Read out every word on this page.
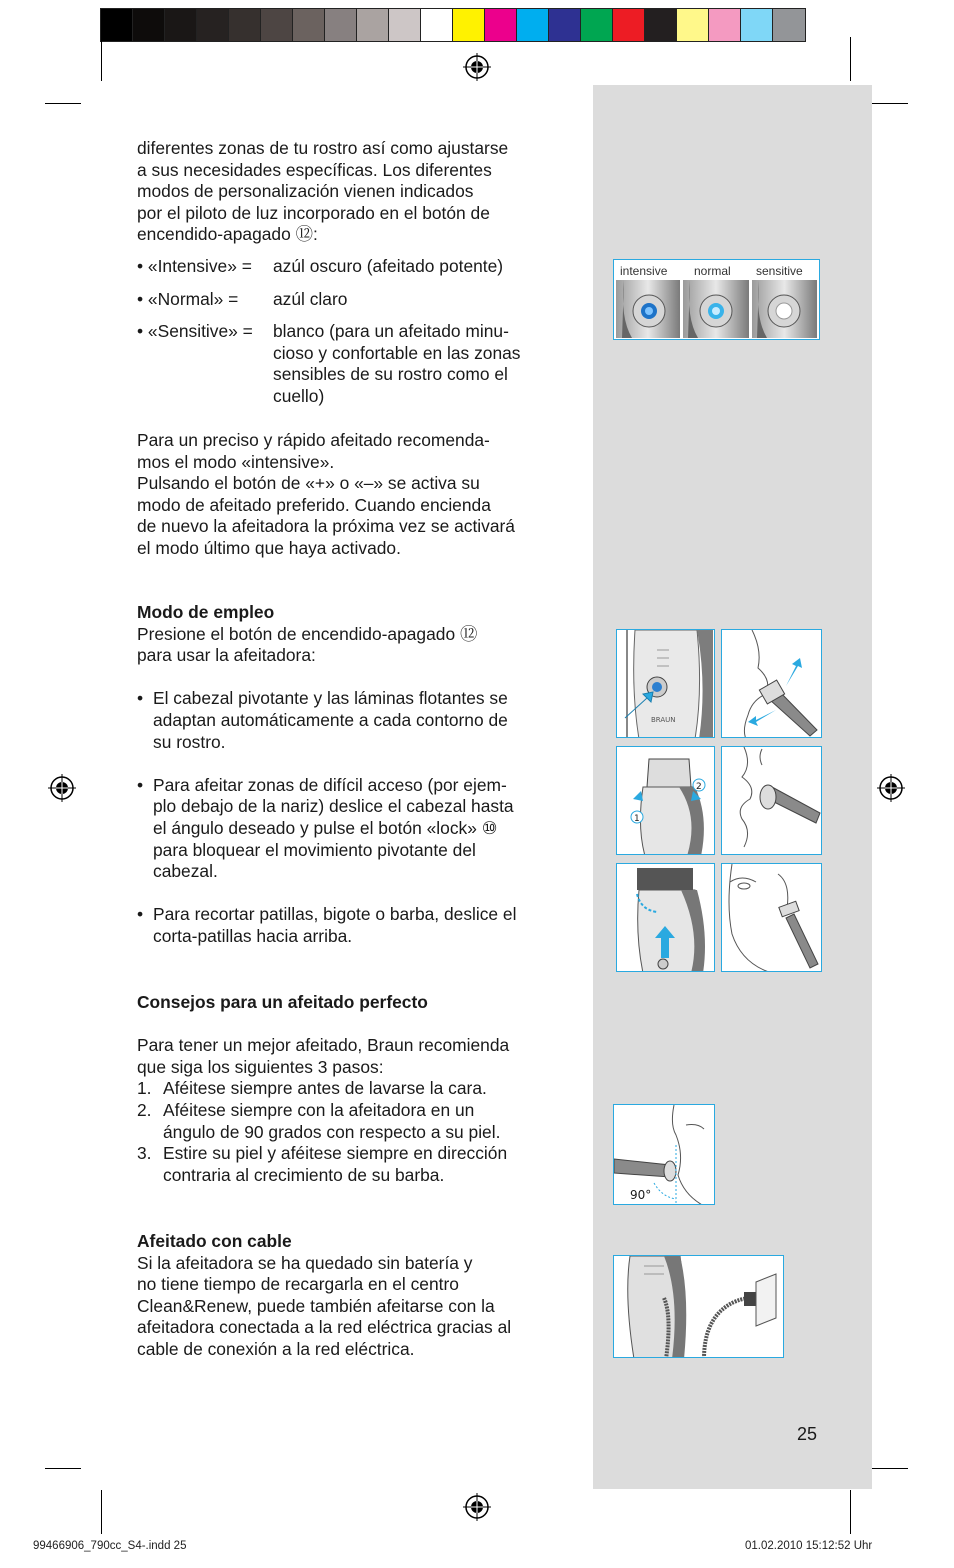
diferentes zonas de tu rostro así como ajustarse

a sus necesidades específicas. Los diferentes

modos de personalización vienen indicados

por el piloto de luz incorporado en el botón de

encendido-apagado ⑫:

• «Intensive» =	azúl oscuro (afeitado potente)
• «Normal» =	azúl claro
• «Sensitive» =	blanco (para un afeitado minu-
cioso y confortable en las zonas
sensibles de su rostro como el
cuello)

Para un preciso y rápido afeitado recomenda-

mos el modo «intensive».

Pulsando el botón de «+» o «–» se activa su

modo de afeitado preferido. Cuando encienda

de nuevo la afeitadora la próxima vez se activará

el modo último que haya activado.

Modo de empleo

Presione el botón de encendido-apagado ⑫

para usar la afeitadora:

• El cabezal pivotante y las láminas flotantes se
adaptan automáticamente a cada contorno de
su rostro.
• Para afeitar zonas de difícil acceso (por ejem-
plo debajo de la nariz) deslice el cabezal hasta
el ángulo deseado y pulse el botón «lock» ⑩
para bloquear el movimiento pivotante del
cabezal.
• Para recortar patillas, bigote o barba, deslice el
corta-patillas hacia arriba.

Consejos para un afeitado perfecto

Para tener un mejor afeitado, Braun recomienda

que siga los siguientes 3 pasos:

1. Aféitese siempre antes de lavarse la cara.
2. Aféitese siempre con la afeitadora en un
ángulo de 90 grados con respecto a su piel.
3. Estire su piel y aféitese siempre en dirección
contraria al crecimiento de su barba.

Afeitado con cable

Si la afeitadora se ha quedado sin batería y

no tiene tiempo de recargarla en el centro

Clean&Renew, puede también afeitarse con la

afeitadora conectada a la red eléctrica gracias al

cable de conexión a la red eléctrica.

intensive normal sensitive
BRAUN
1
2
90°
25
99466906_790cc_S4-.indd 25	01.02.2010 15:12:52 Uhr
